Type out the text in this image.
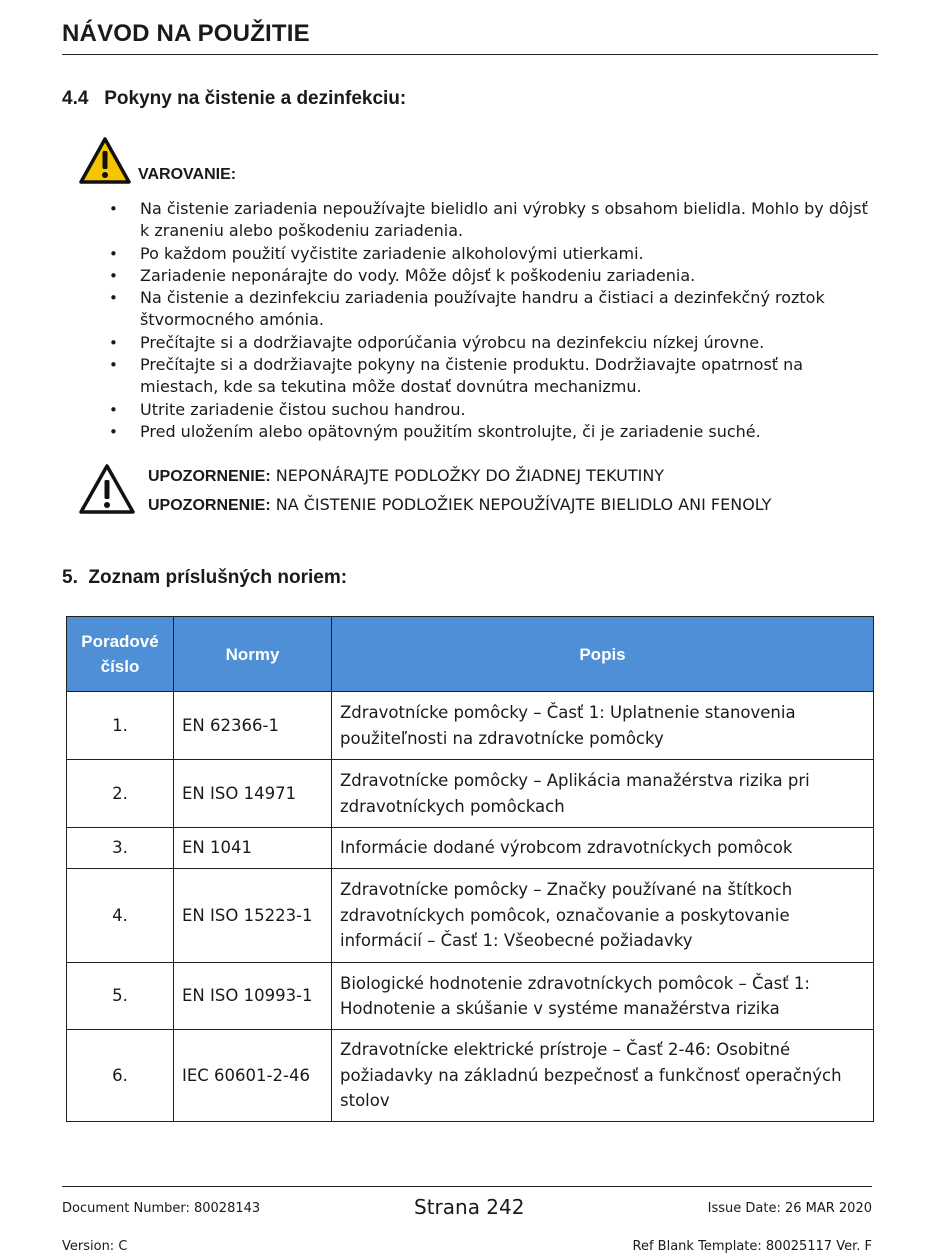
NÁVOD NA POUŽITIE
4.4   Pokyny na čistenie a dezinfekciu:
VAROVANIE:
• Na čistenie zariadenia nepoužívajte bielidlo ani výrobky s obsahom bielidla. Mohlo by dôjsť k zraneniu alebo poškodeniu zariadenia.
• Po každom použití vyčistite zariadenie alkoholovými utierkami.
• Zariadenie neponárajte do vody. Môže dôjsť k poškodeniu zariadenia.
• Na čistenie a dezinfekciu zariadenia používajte handru a čistiaci a dezinfekčný roztok štvormocného amónia.
• Prečítajte si a dodržiavajte odporúčania výrobcu na dezinfekciu nízkej úrovne.
• Prečítajte si a dodržiavajte pokyny na čistenie produktu. Dodržiavajte opatrnosť na miestach, kde sa tekutina môže dostať dovnútra mechanizmu.
• Utrite zariadenie čistou suchou handrou.
• Pred uložením alebo opätovným použitím skontrolujte, či je zariadenie suché.
UPOZORNENIE: NEPONÁRAJTE PODLOŽKY DO ŽIADNEJ TEKUTINY
UPOZORNENIE: NA ČISTENIE PODLOŽIEK NEPOUŽÍVAJTE BIELIDLO ANI FENOLY
5.  Zoznam príslušných noriem:
Poradové číslo	Normy	Popis
1.	EN 62366-1	Zdravotnícke pomôcky – Časť 1: Uplatnenie stanovenia použiteľnosti na zdravotnícke pomôcky
2.	EN ISO 14971	Zdravotnícke pomôcky – Aplikácia manažérstva rizika pri zdravotníckych pomôckach
3.	EN 1041	Informácie dodané výrobcom zdravotníckych pomôcok
4.	EN ISO 15223-1	Zdravotnícke pomôcky – Značky používané na štítkoch zdravotníckych pomôcok, označovanie a poskytovanie informácií – Časť 1: Všeobecné požiadavky
5.	EN ISO 10993-1	Biologické hodnotenie zdravotníckych pomôcok – Časť 1: Hodnotenie a skúšanie v systéme manažérstva rizika
6.	IEC 60601-2-46	Zdravotnícke elektrické prístroje – Časť 2-46: Osobitné požiadavky na základnú bezpečnosť a funkčnosť operačných stolov
Document Number: 80028143	Strana 242	Issue Date: 26 MAR 2020
Version: C	Ref Blank Template: 80025117 Ver. F
